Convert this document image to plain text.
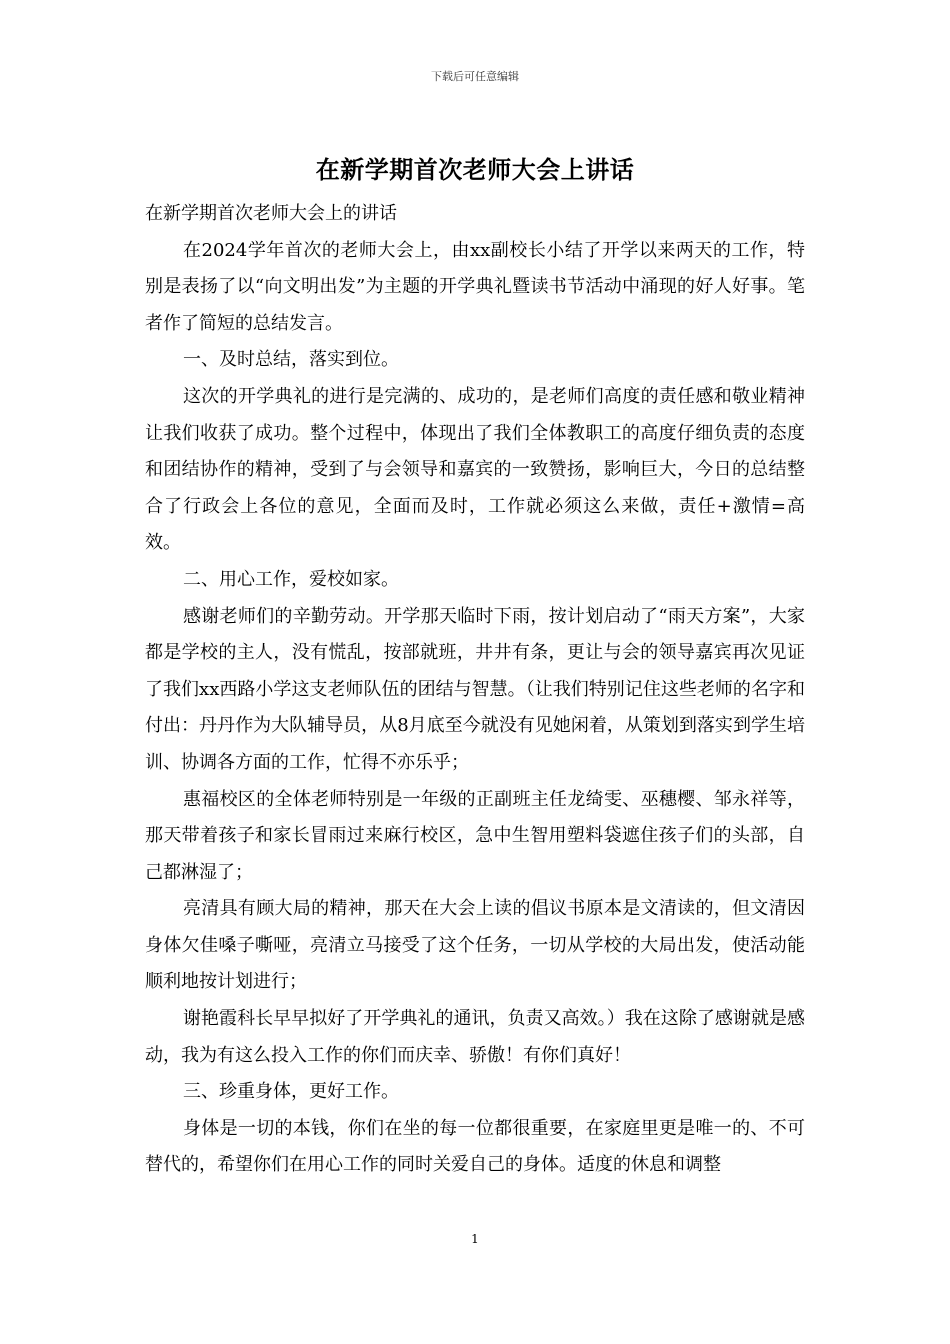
下载后可任意编辑
在新学期首次老师大会上讲话

在新学期首次老师大会上的讲话

在2024学年首次的老师大会上，由xx副校长小结了开学以来两天的工作，特别是表扬了以“向文明出发”为主题的开学典礼暨读书节活动中涌现的好人好事。笔者作了简短的总结发言。

一、及时总结，落实到位。

这次的开学典礼的进行是完满的、成功的，是老师们高度的责任感和敬业精神让我们收获了成功。整个过程中，体现出了我们全体教职工的高度仔细负责的态度和团结协作的精神，受到了与会领导和嘉宾的一致赞扬，影响巨大，今日的总结整合了行政会上各位的意见，全面而及时，工作就必须这么来做，责任+激情=高效。

二、用心工作，爱校如家。

感谢老师们的辛勤劳动。开学那天临时下雨，按计划启动了“雨天方案”，大家都是学校的主人，没有慌乱，按部就班，井井有条，更让与会的领导嘉宾再次见证了我们xx西路小学这支老师队伍的团结与智慧。（让我们特别记住这些老师的名字和付出：丹丹作为大队辅导员，从8月底至今就没有见她闲着，从策划到落实到学生培训、协调各方面的工作，忙得不亦乐乎；

惠福校区的全体老师特别是一年级的正副班主任龙绮雯、巫穗樱、邹永祥等，那天带着孩子和家长冒雨过来麻行校区，急中生智用塑料袋遮住孩子们的头部，自己都淋湿了；

亮清具有顾大局的精神，那天在大会上读的倡议书原本是文清读的，但文清因身体欠佳嗓子嘶哑，亮清立马接受了这个任务，一切从学校的大局出发，使活动能顺利地按计划进行；

谢艳霞科长早早拟好了开学典礼的通讯，负责又高效。）我在这除了感谢就是感动，我为有这么投入工作的你们而庆幸、骄傲！有你们真好！

三、珍重身体，更好工作。

身体是一切的本钱，你们在坐的每一位都很重要，在家庭里更是唯一的、不可替代的，希望你们在用心工作的同时关爱自己的身体。适度的休息和调整

1
